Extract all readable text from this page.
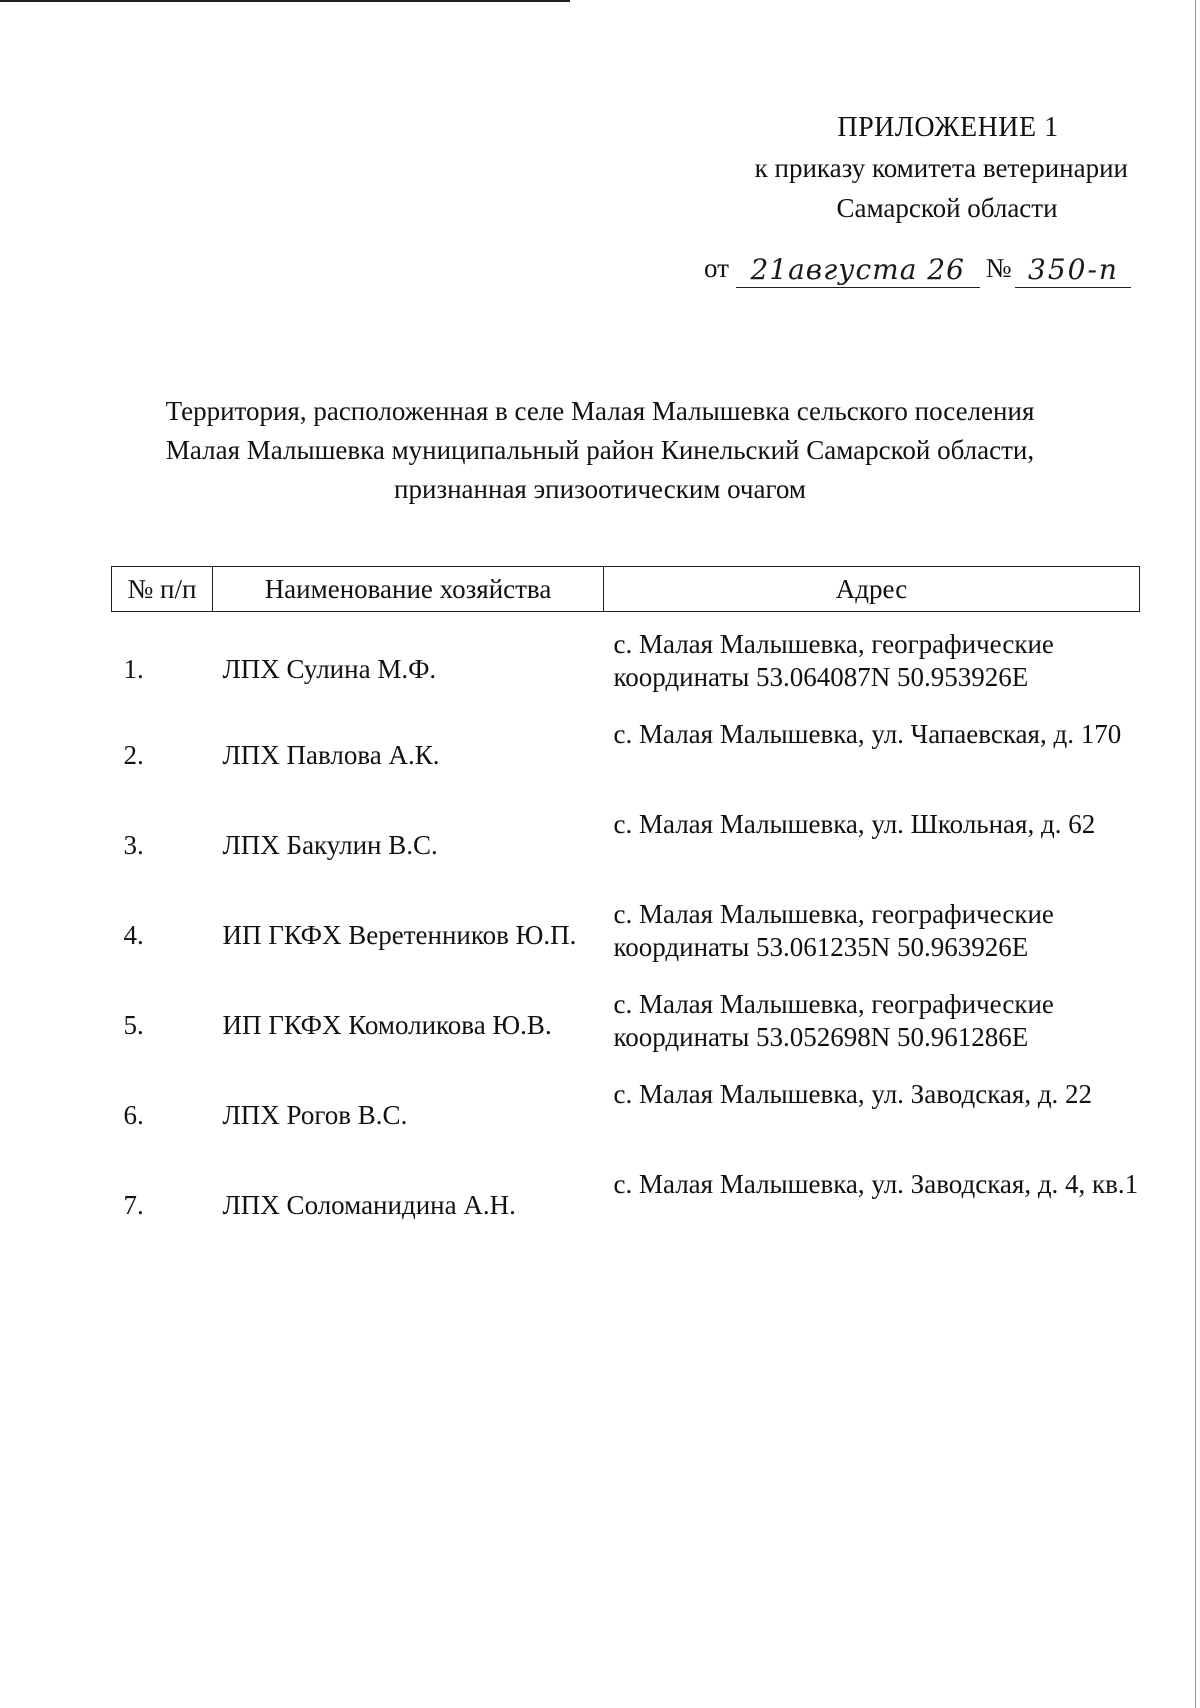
ПРИЛОЖЕНИЕ 1
к приказу комитета ветеринарии
Самарской области
от 21августа 26 № 350-п
Территория, расположенная в селе Малая Малышевка сельского поселения
Малая Малышевка муниципальный район Кинельский Самарской области,
признанная эпизоотическим очагом
№ п/п	Наименование хозяйства	Адрес
1.	ЛПХ Сулина М.Ф.	с. Малая Малышевка, географические координаты 53.064087N 50.953926E
2.	ЛПХ Павлова А.К.	с. Малая Малышевка, ул. Чапаевская, д. 170
3.	ЛПХ Бакулин В.С.	с. Малая Малышевка, ул. Школьная, д. 62
4.	ИП ГКФХ Веретенников Ю.П.	с. Малая Малышевка, географические координаты 53.061235N 50.963926E
5.	ИП ГКФХ Комоликова Ю.В.	с. Малая Малышевка, географические координаты 53.052698N 50.961286E
6.	ЛПХ Рогов В.С.	с. Малая Малышевка, ул. Заводская, д. 22
7.	ЛПХ Соломанидина А.Н.	с. Малая Малышевка, ул. Заводская, д. 4, кв.1
